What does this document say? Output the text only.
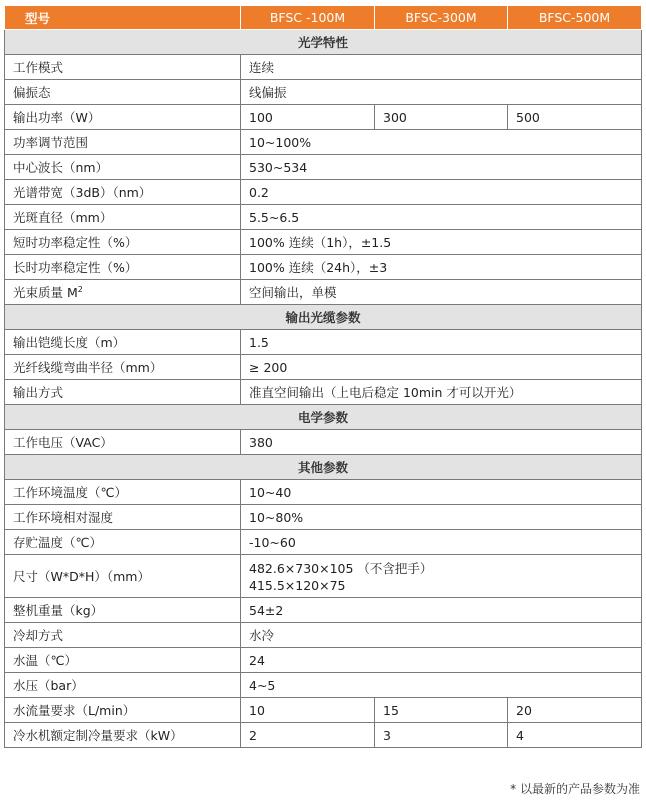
型号	BFSC -100M	BFSC-300M	BFSC-500M
光学特性			
工作模式	连续		
偏振态	线偏振		
输出功率（W）	100	300	500
功率调节范围	10~100%		
中心波长（nm）	530~534		
光谱带宽（3dB）（nm）	0.2		
光斑直径（mm）	5.5~6.5		
短时功率稳定性（%）	100% 连续（1h），±1.5		
长时功率稳定性（%）	100% 连续（24h），±3		
光束质量 $M^2$	空间输出，单模		
输出光缆参数			
输出铠缆长度（m）	1.5		
光纤线缆弯曲半径（mm）	≥ 200		
输出方式	准直空间输出（上电后稳定 10min 才可以开光）		
电学参数			
工作电压（VAC）	380		
其他参数			
工作环境温度（℃）	10~40		
工作环境相对湿度	10~80%		
存贮温度（℃）	-10~60		
尺寸（W*D*H）（mm）	482.6×730×105 （不含把手）
415.5×120×75		

整机重量（kg）	54±2		
冷却方式	水冷		
水温（℃）	24		
水压（bar）	4~5		
水流量要求（L/min）	10	15	20
冷水机额定制冷量要求（kW）	2	3	4
* 以最新的产品参数为准
